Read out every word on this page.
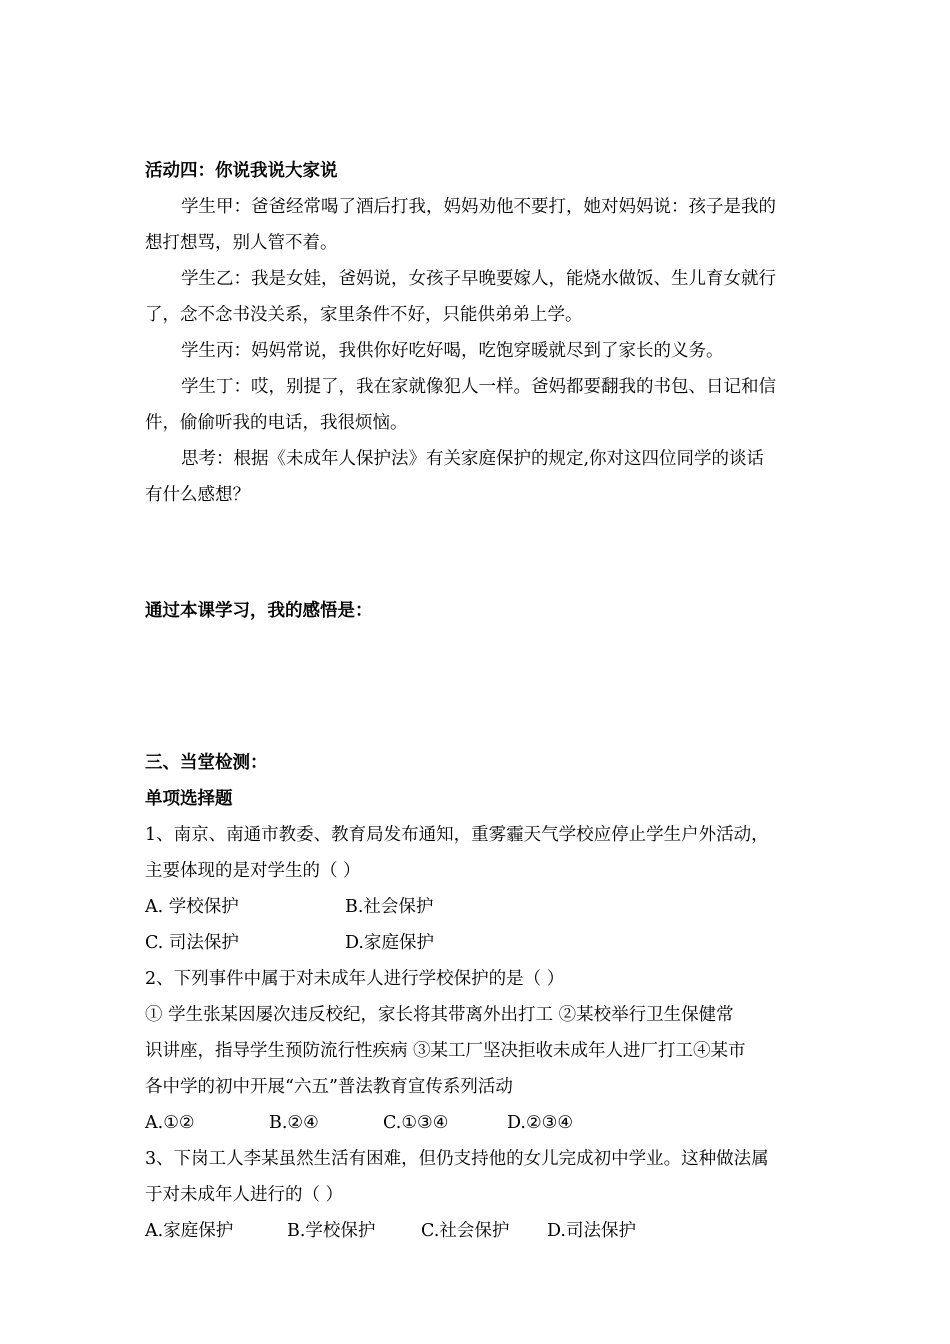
活动四：你说我说大家说
学生甲：爸爸经常喝了酒后打我，妈妈劝他不要打，她对妈妈说：孩子是我的
想打想骂，别人管不着。
学生乙：我是女娃，爸妈说，女孩子早晚要嫁人，能烧水做饭、生儿育女就行
了，念不念书没关系，家里条件不好，只能供弟弟上学。
学生丙：妈妈常说，我供你好吃好喝，吃饱穿暖就尽到了家长的义务。
学生丁：哎，别提了，我在家就像犯人一样。爸妈都要翻我的书包、日记和信
件，偷偷听我的电话，我很烦恼。
思考：根据《未成年人保护法》有关家庭保护的规定,你对这四位同学的谈话
有什么感想？
通过本课学习，我的感悟是：
三、当堂检测：
单项选择题
1、南京、南通市教委、教育局发布通知，重雾霾天气学校应停止学生户外活动，
主要体现的是对学生的（ ）
A. 学校保护	B.社会保护
C. 司法保护	D.家庭保护
2、下列事件中属于对未成年人进行学校保护的是（ ）
① 学生张某因屡次违反校纪，家长将其带离外出打工 ②某校举行卫生保健常
识讲座，指导学生预防流行性疾病 ③某工厂坚决拒收未成年人进厂打工④某市
各中学的初中开展“六五”普法教育宣传系列活动
A.①②	B.②④	C.①③④	D.②③④
3、下岗工人李某虽然生活有困难，但仍支持他的女儿完成初中学业。这种做法属
于对未成年人进行的（ ）
A.家庭保护	B.学校保护	C.社会保护 D.司法保护
